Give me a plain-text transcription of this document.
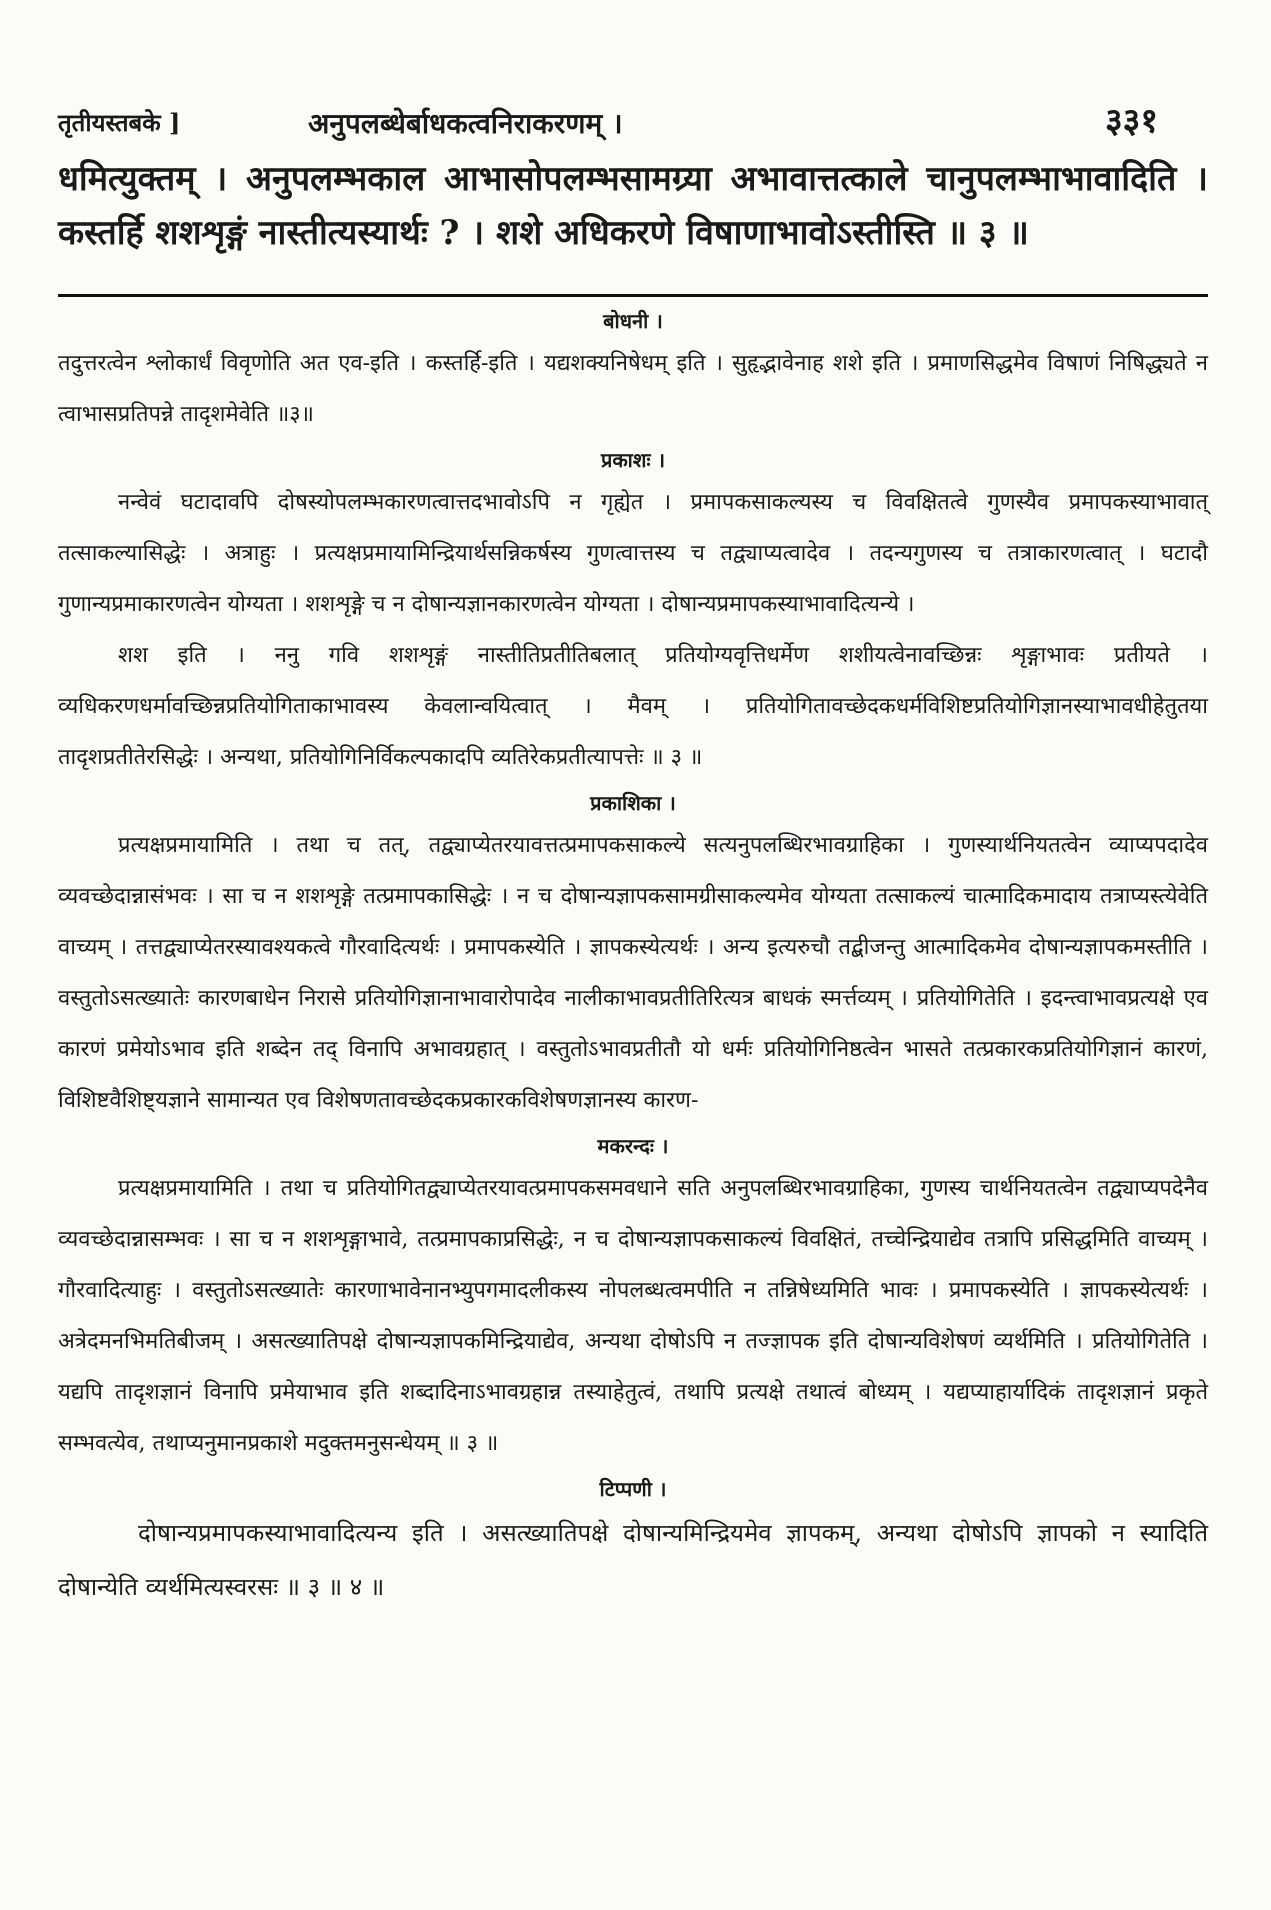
तृतीयस्तबके ]	अनुपलब्धेर्बाधकत्वनिराकरणम् ।	३३१

धमित्युक्तम् । अनुपलम्भकाल आभासोपलम्भसामग्र्या अभावात्तत्काले चानुपलम्भाभावादिति । कस्तर्हि शशशृङ्गं नास्तीत्यस्यार्थः ? । शशे अधिकरणे विषाणाभावोऽस्तीस्ति ॥ ३ ॥

बोधनी ।

तदुत्तरत्वेन श्लोकार्धं विवृणोति अत एव-इति । कस्तर्हि-इति । यद्यशक्यनिषेधम् इति । सुहृद्भावेनाह शशे इति । प्रमाणसिद्धमेव विषाणं निषिद्ध्यते न त्वाभासप्रतिपन्ने तादृशमेवेति ॥३॥

प्रकाशः ।

नन्वेवं घटादावपि दोषस्योपलम्भकारणत्वात्तदभावोऽपि न गृह्येत । प्रमापकसाकल्यस्य च विवक्षितत्वे गुणस्यैव प्रमापकस्याभावात् तत्साकल्यासिद्धेः । अत्राहुः । प्रत्यक्षप्रमायामिन्द्रियार्थसन्निकर्षस्य गुणत्वात्तस्य च तद्व्याप्यत्वादेव । तदन्यगुणस्य च तत्राकारणत्वात् । घटादौ गुणान्यप्रमाकारणत्वेन योग्यता । शशशृङ्गे च न दोषान्यज्ञानकारणत्वेन योग्यता । दोषान्यप्रमापकस्याभावादित्यन्ये ।

शश इति । ननु गवि शशशृङ्गं नास्तीतिप्रतीतिबलात् प्रतियोग्यवृत्तिधर्मेण शशीयत्वेनावच्छिन्नः शृङ्गाभावः प्रतीयते । व्यधिकरणधर्मावच्छिन्नप्रतियोगिताकाभावस्य केवलान्वयित्वात् । मैवम् । प्रतियोगितावच्छेदकधर्मविशिष्टप्रतियोगिज्ञानस्याभावधीहेतुतया तादृशप्रतीतेरसिद्धेः । अन्यथा, प्रतियोगिनिर्विकल्पकादपि व्यतिरेकप्रतीत्यापत्तेः ॥ ३ ॥

प्रकाशिका ।

प्रत्यक्षप्रमायामिति । तथा च तत्, तद्व्याप्येतरयावत्तत्प्रमापकसाकल्ये सत्यनुपलब्धिरभावग्राहिका । गुणस्यार्थनियतत्वेन व्याप्यपदादेव व्यवच्छेदान्नासंभवः । सा च न शशशृङ्गे तत्प्रमापकासिद्धेः । न च दोषान्यज्ञापकसामग्रीसाकल्यमेव योग्यता तत्साकल्यं चात्मादिकमादाय तत्राप्यस्त्येवेति वाच्यम् । तत्तद्व्याप्येतरस्यावश्यकत्वे गौरवादित्यर्थः । प्रमापकस्येति । ज्ञापकस्येत्यर्थः । अन्य इत्यरुचौ तद्बीजन्तु आत्मादिकमेव दोषान्यज्ञापकमस्तीति । वस्तुतोऽसत्ख्यातेः कारणबाधेन निरासे प्रतियोगिज्ञानाभावारोपादेव नालीकाभावप्रतीतिरित्यत्र बाधकं स्मर्त्तव्यम् । प्रतियोगितेति । इदन्त्वाभावप्रत्यक्षे एव कारणं प्रमेयोऽभाव इति शब्देन तद् विनापि अभावग्रहात् । वस्तुतोऽभावप्रतीतौ यो धर्मः प्रतियोगिनिष्ठत्वेन भासते तत्प्रकारकप्रतियोगिज्ञानं कारणं, विशिष्टवैशिष्ट्यज्ञाने सामान्यत एव विशेषणतावच्छेदकप्रकारकविशेषणज्ञानस्य कारण-

मकरन्दः ।

प्रत्यक्षप्रमायामिति । तथा च प्रतियोगितद्व्याप्येतरयावत्प्रमापकसमवधाने सति अनुपलब्धिरभावग्राहिका, गुणस्य चार्थनियतत्वेन तद्व्याप्यपदेनैव व्यवच्छेदान्नासम्भवः । सा च न शशशृङ्गाभावे, तत्प्रमापकाप्रसिद्धेः, न च दोषान्यज्ञापकसाकल्यं विवक्षितं, तच्चेन्द्रियाद्येव तत्रापि प्रसिद्धमिति वाच्यम् । गौरवादित्याहुः । वस्तुतोऽसत्ख्यातेः कारणाभावेनानभ्युपगमादलीकस्य नोपलब्धत्वमपीति न तन्निषेध्यमिति भावः । प्रमापकस्येति । ज्ञापकस्येत्यर्थः । अत्रेदमनभिमतिबीजम् । असत्ख्यातिपक्षे दोषान्यज्ञापकमिन्द्रियाद्येव, अन्यथा दोषोऽपि न तज्ज्ञापक इति दोषान्यविशेषणं व्यर्थमिति । प्रतियोगितेति । यद्यपि तादृशज्ञानं विनापि प्रमेयाभाव इति शब्दादिनाऽभावग्रहान्न तस्याहेतुत्वं, तथापि प्रत्यक्षे तथात्वं बोध्यम् । यद्यप्याहार्यादिकं तादृशज्ञानं प्रकृते सम्भवत्येव, तथाप्यनुमानप्रकाशे मदुक्तमनुसन्धेयम् ॥ ३ ॥

टिप्पणी ।

दोषान्यप्रमापकस्याभावादित्यन्य इति । असत्ख्यातिपक्षे दोषान्यमिन्द्रियमेव ज्ञापकम्, अन्यथा दोषोऽपि ज्ञापको न स्यादिति दोषान्येति व्यर्थमित्यस्वरसः ॥ ३ ॥ ४ ॥
